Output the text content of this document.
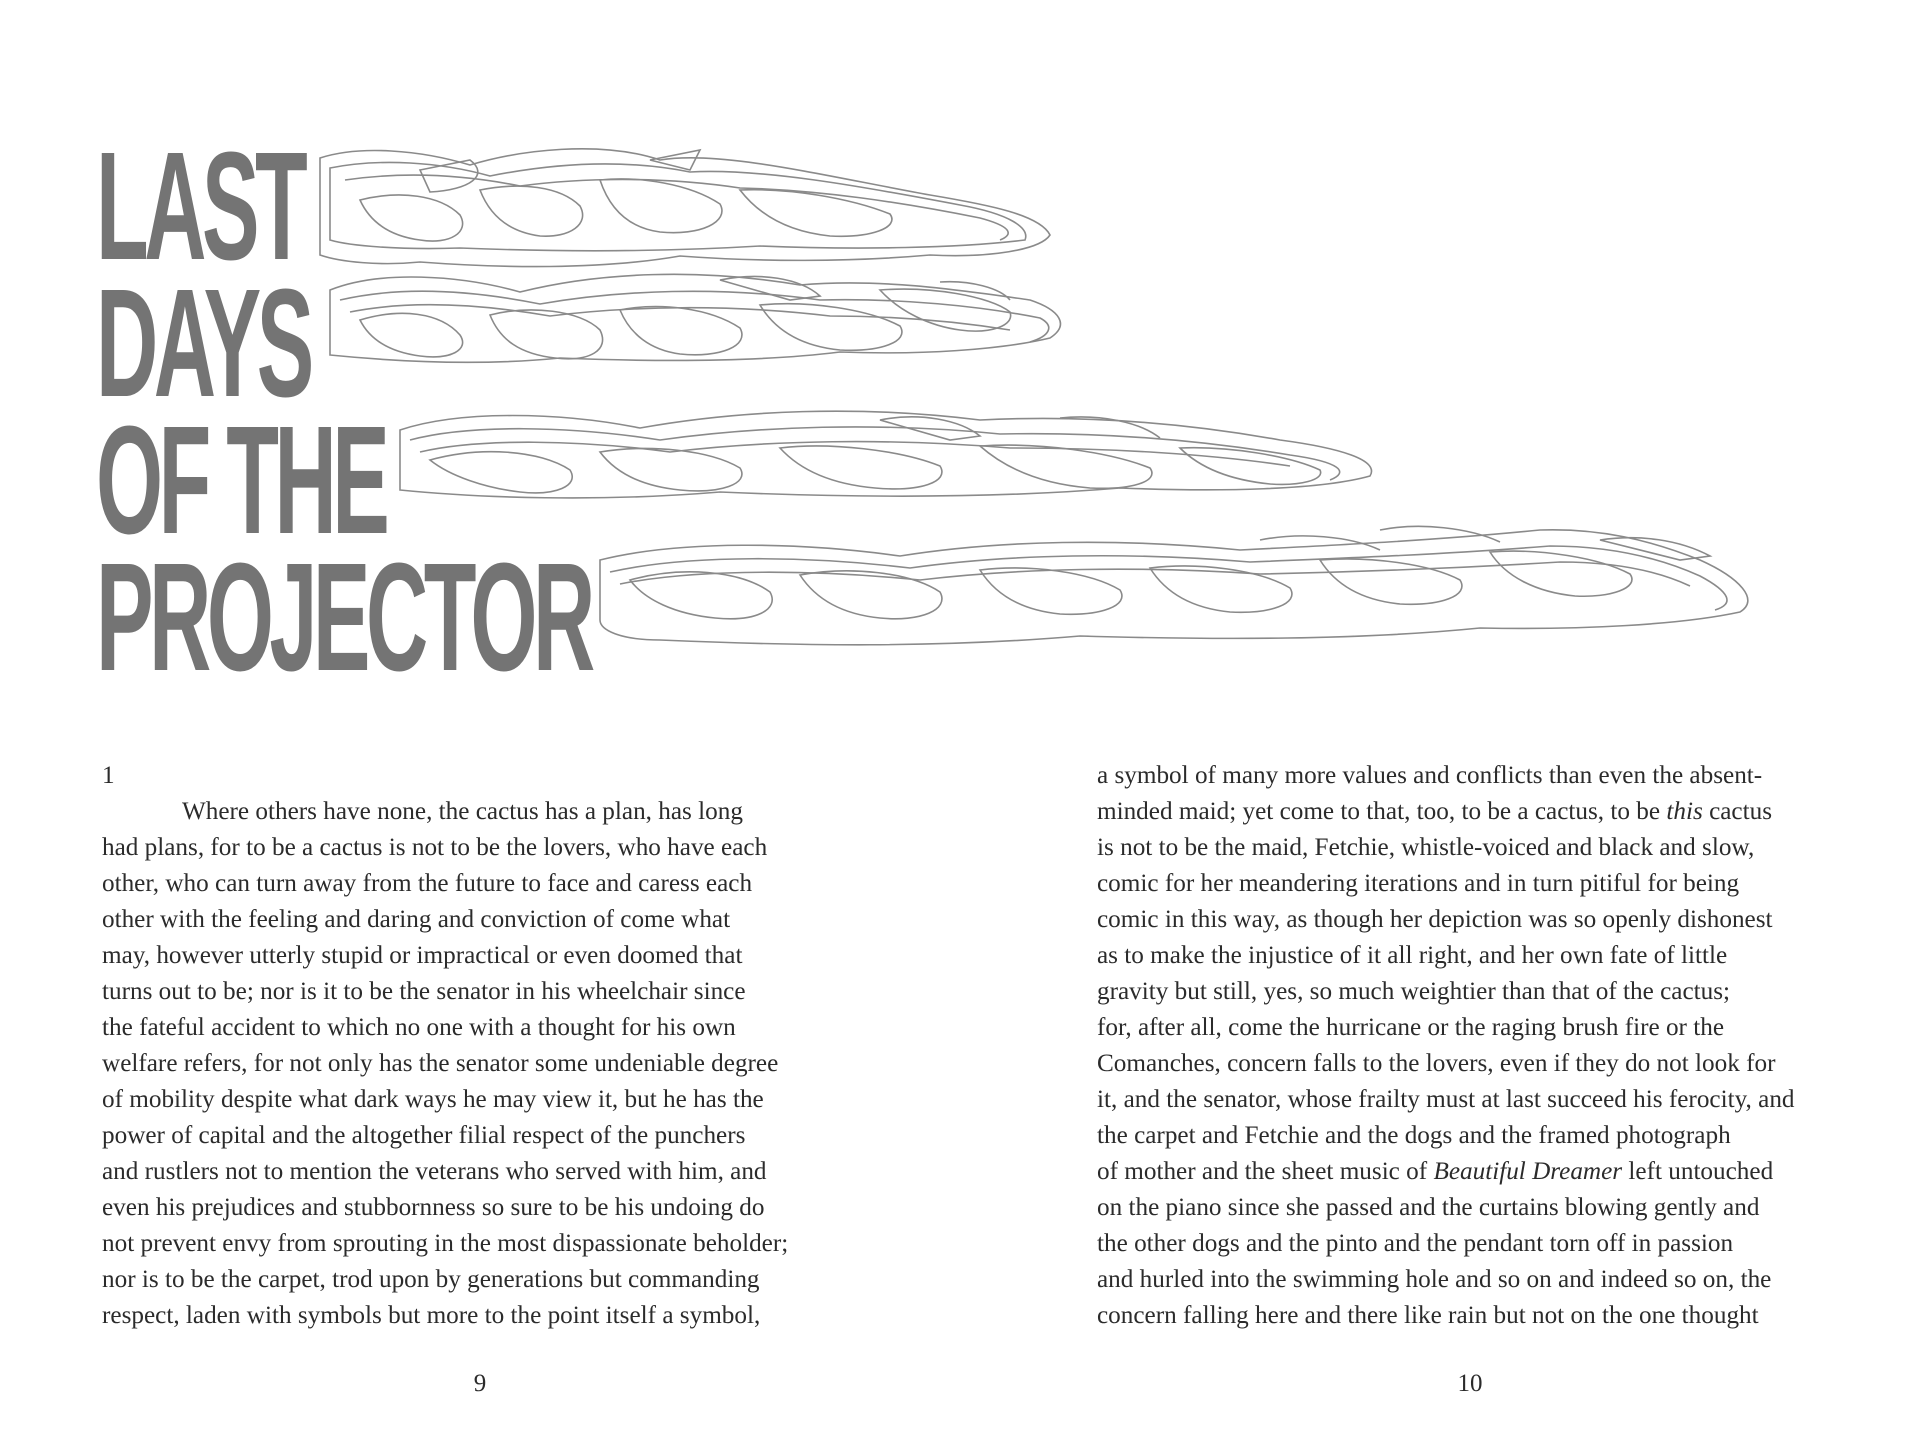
LAST
DAYS
OF THE
PROJECTOR
1
Where others have none, the cactus has a plan, has long
had plans, for to be a cactus is not to be the lovers, who have each
other, who can turn away from the future to face and caress each
other with the feeling and daring and conviction of come what
may, however utterly stupid or impractical or even doomed that
turns out to be; nor is it to be the senator in his wheelchair since
the fateful accident to which no one with a thought for his own
welfare refers, for not only has the senator some undeniable degree
of mobility despite what dark ways he may view it, but he has the
power of capital and the altogether filial respect of the punchers
and rustlers not to mention the veterans who served with him, and
even his prejudices and stubbornness so sure to be his undoing do
not prevent envy from sprouting in the most dispassionate beholder;
nor is to be the carpet, trod upon by generations but commanding
respect, laden with symbols but more to the point itself a symbol,
a symbol of many more values and conflicts than even the absent-
minded maid; yet come to that, too, to be a cactus, to be this cactus
is not to be the maid, Fetchie, whistle-voiced and black and slow,
comic for her meandering iterations and in turn pitiful for being
comic in this way, as though her depiction was so openly dishonest
as to make the injustice of it all right, and her own fate of little
gravity but still, yes, so much weightier than that of the cactus;
for, after all, come the hurricane or the raging brush fire or the
Comanches, concern falls to the lovers, even if they do not look for
it, and the senator, whose frailty must at last succeed his ferocity, and
the carpet and Fetchie and the dogs and the framed photograph
of mother and the sheet music of Beautiful Dreamer left untouched
on the piano since she passed and the curtains blowing gently and
the other dogs and the pinto and the pendant torn off in passion
and hurled into the swimming hole and so on and indeed so on, the
concern falling here and there like rain but not on the one thought
9	10
